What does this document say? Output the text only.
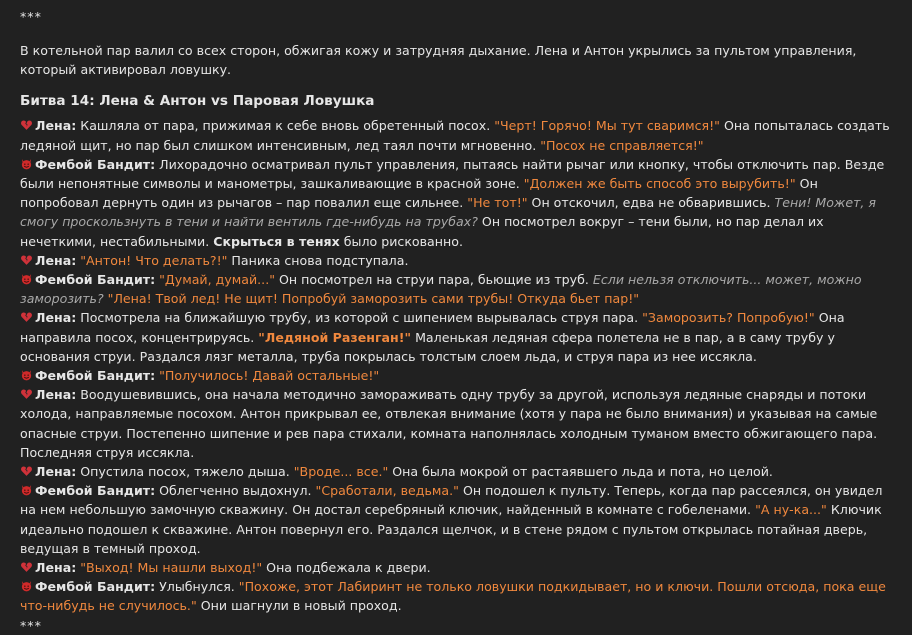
***

В котельной пар валил со всех сторон, обжигая кожу и затрудняя дыхание. Лена и Антон укрылись за пультом управления, который активировал ловушку.

Битва 14: Лена & Антон vs Паровая Ловушка

Лена: Кашляла от пара, прижимая к себе вновь обретенный посох. "Черт! Горячо! Мы тут сваримся!" Она попыталась создать ледяной щит, но пар был слишком интенсивным, лед таял почти мгновенно. "Посох не справляется!"

Фембой Бандит: Лихорадочно осматривал пульт управления, пытаясь найти рычаг или кнопку, чтобы отключить пар. Везде были непонятные символы и манометры, зашкаливающие в красной зоне. "Должен же быть способ это вырубить!" Он попробовал дернуть один из рычагов – пар повалил еще сильнее. "Не тот!" Он отскочил, едва не обварившись. Тени! Может, я смогу проскользнуть в тени и найти вентиль где-нибудь на трубах? Он посмотрел вокруг – тени были, но пар делал их нечеткими, нестабильными. Скрыться в тенях было рискованно.

Лена: "Антон! Что делать?!" Паника снова подступала.

Фембой Бандит: "Думай, думай..." Он посмотрел на струи пара, бьющие из труб. Если нельзя отключить... может, можно заморозить? "Лена! Твой лед! Не щит! Попробуй заморозить сами трубы! Откуда бьет пар!"

Лена: Посмотрела на ближайшую трубу, из которой с шипением вырывалась струя пара. "Заморозить? Попробую!" Она направила посох, концентрируясь. "Ледяной Разенган!" Маленькая ледяная сфера полетела не в пар, а в саму трубу у основания струи. Раздался лязг металла, труба покрылась толстым слоем льда, и струя пара из нее иссякла.

Фембой Бандит: "Получилось! Давай остальные!"

Лена: Воодушевившись, она начала методично замораживать одну трубу за другой, используя ледяные снаряды и потоки холода, направляемые посохом. Антон прикрывал ее, отвлекая внимание (хотя у пара не было внимания) и указывая на самые опасные струи. Постепенно шипение и рев пара стихали, комната наполнялась холодным туманом вместо обжигающего пара. Последняя струя иссякла.

Лена: Опустила посох, тяжело дыша. "Вроде... все." Она была мокрой от растаявшего льда и пота, но целой.

Фембой Бандит: Облегченно выдохнул. "Сработали, ведьма." Он подошел к пульту. Теперь, когда пар рассеялся, он увидел на нем небольшую замочную скважину. Он достал серебряный ключик, найденный в комнате с гобеленами. "А ну-ка..." Ключик идеально подошел к скважине. Антон повернул его. Раздался щелчок, и в стене рядом с пультом открылась потайная дверь, ведущая в темный проход.

Лена: "Выход! Мы нашли выход!" Она подбежала к двери.

Фембой Бандит: Улыбнулся. "Похоже, этот Лабиринт не только ловушки подкидывает, но и ключи. Пошли отсюда, пока еще что-нибудь не случилось." Они шагнули в новый проход.

***
